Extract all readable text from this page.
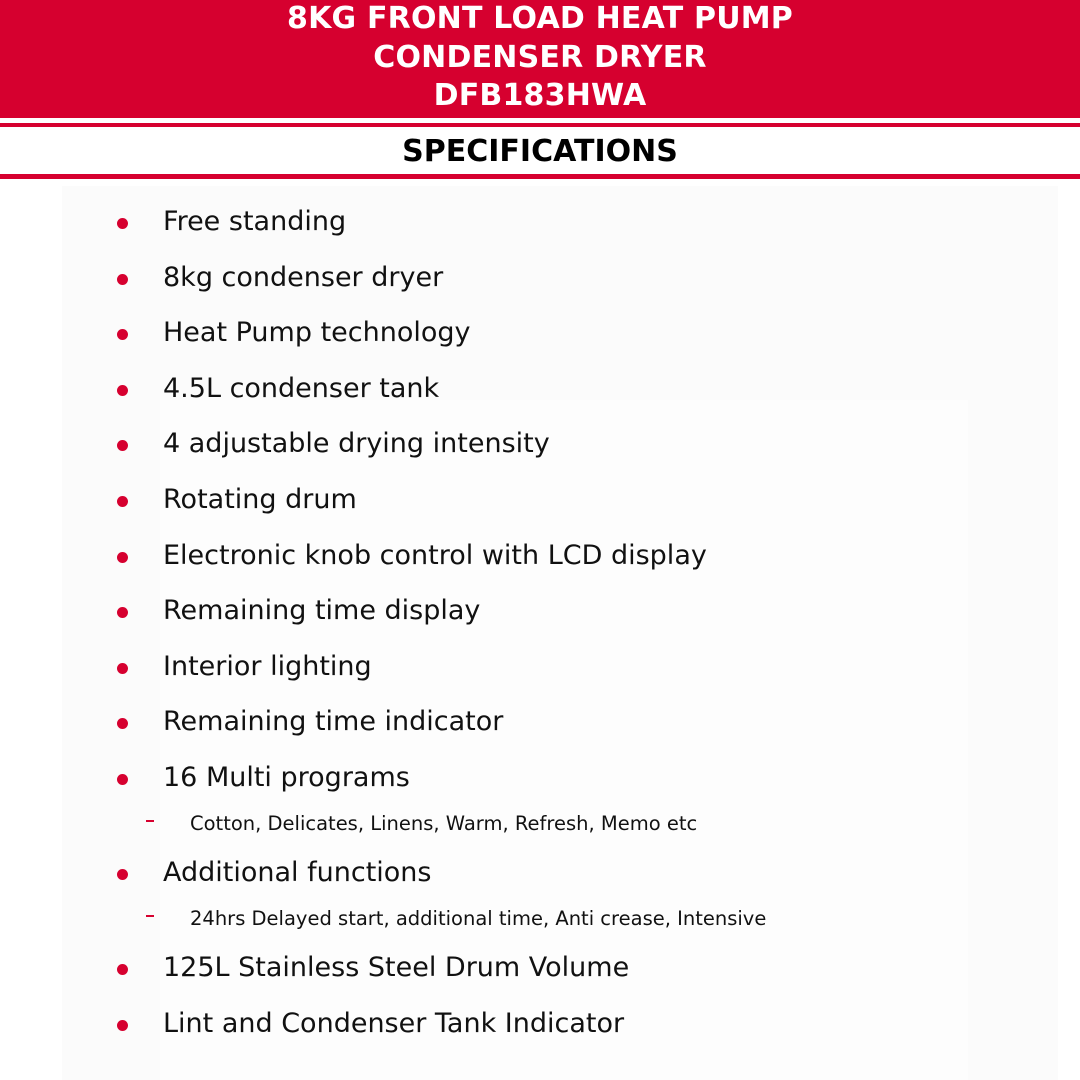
8KG FRONT LOAD HEAT PUMP
CONDENSER DRYER
DFB183HWA
SPECIFICATIONS
Free standing
8kg condenser dryer
Heat Pump technology
4.5L condenser tank
4 adjustable drying intensity
Rotating drum
Electronic knob control with LCD display
Remaining time display
Interior lighting
Remaining time indicator
16 Multi programs
Cotton, Delicates, Linens, Warm, Refresh, Memo etc
Additional functions
24hrs Delayed start, additional time, Anti crease, Intensive
125L Stainless Steel Drum Volume
Lint and Condenser Tank Indicator
